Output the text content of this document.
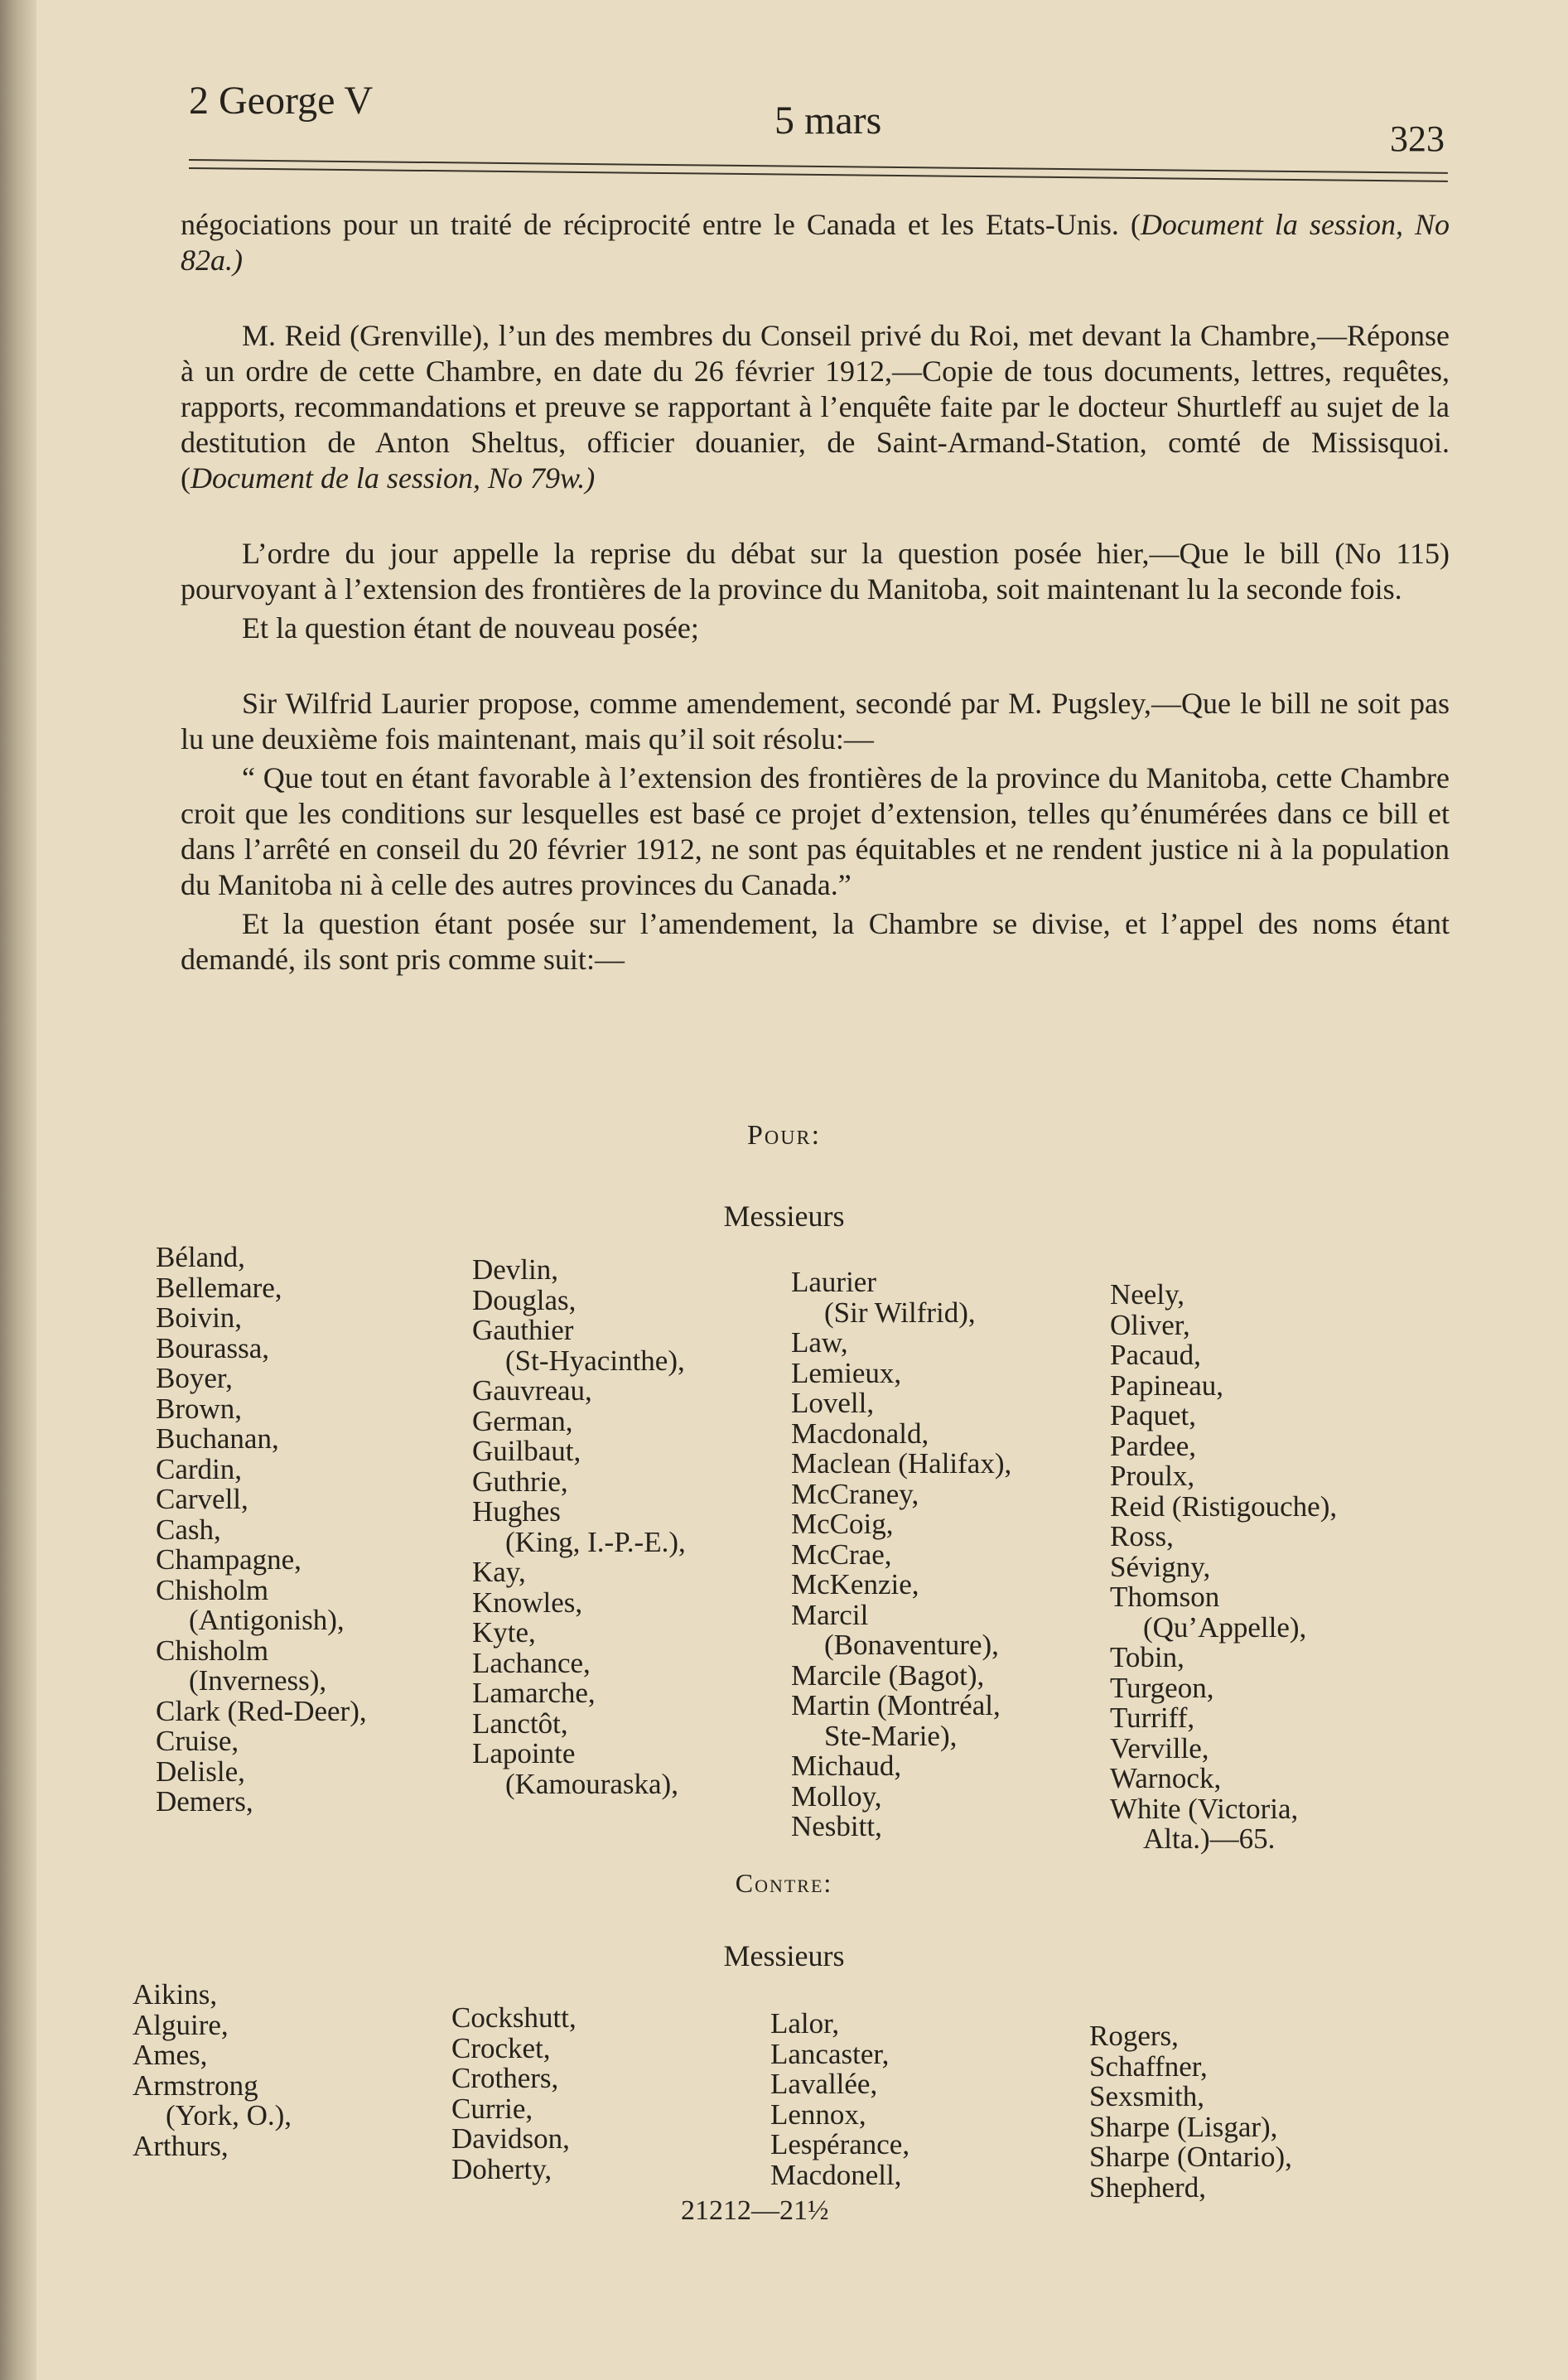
2 George V	5 mars	323

négociations pour un traité de réciprocité entre le Canada et les Etats-Unis. (Document la session, No 82a.)

M. Reid (Grenville), l’un des membres du Conseil privé du Roi, met devant la Chambre,—Réponse à un ordre de cette Chambre, en date du 26 février 1912,—Copie de tous documents, lettres, requêtes, rapports, recommandations et preuve se rapportant à l’enquête faite par le docteur Shurtleff au sujet de la destitution de Anton Sheltus, officier douanier, de Saint-Armand-Station, comté de Missisquoi. (Document de la session, No 79w.)

L’ordre du jour appelle la reprise du débat sur la question posée hier,—Que le bill (No 115) pourvoyant à l’extension des frontières de la province du Manitoba, soit maintenant lu la seconde fois.

Et la question étant de nouveau posée;

Sir Wilfrid Laurier propose, comme amendement, secondé par M. Pugsley,—Que le bill ne soit pas lu une deuxième fois maintenant, mais qu’il soit résolu:—

“ Que tout en étant favorable à l’extension des frontières de la province du Manitoba, cette Chambre croit que les conditions sur lesquelles est basé ce projet d’extension, telles qu’énumérées dans ce bill et dans l’arrêté en conseil du 20 février 1912, ne sont pas équitables et ne rendent justice ni à la population du Manitoba ni à celle des autres provinces du Canada.”

Et la question étant posée sur l’amendement, la Chambre se divise, et l’appel des noms étant demandé, ils sont pris comme suit:—

Pour:
Messieurs
Béland,
Bellemare,
Boivin,
Bourassa,
Boyer,
Brown,
Buchanan,
Cardin,
Carvell,
Cash,
Champagne,
Chisholm
(Antigonish),
Chisholm
(Inverness),
Clark (Red-Deer),
Cruise,
Delisle,
Demers,
Devlin,
Douglas,
Gauthier
(St-Hyacinthe),
Gauvreau,
German,
Guilbaut,
Guthrie,
Hughes
(King, I.-P.-E.),
Kay,
Knowles,
Kyte,
Lachance,
Lamarche,
Lanctôt,
Lapointe
(Kamouraska),
Laurier
(Sir Wilfrid),
Law,
Lemieux,
Lovell,
Macdonald,
Maclean (Halifax),
McCraney,
McCoig,
McCrae,
McKenzie,
Marcil
(Bonaventure),
Marcile (Bagot),
Martin (Montréal,
Ste-Marie),
Michaud,
Molloy,
Nesbitt,
Neely,
Oliver,
Pacaud,
Papineau,
Paquet,
Pardee,
Proulx,
Reid (Ristigouche),
Ross,
Sévigny,
Thomson
(Qu’Appelle),
Tobin,
Turgeon,
Turriff,
Verville,
Warnock,
White (Victoria,
Alta.)—65.
Contre:
Messieurs
Aikins,
Alguire,
Ames,
Armstrong
(York, O.),
Arthurs,
Cockshutt,
Crocket,
Crothers,
Currie,
Davidson,
Doherty,
Lalor,
Lancaster,
Lavallée,
Lennox,
Lespérance,
Macdonell,
Rogers,
Schaffner,
Sexsmith,
Sharpe (Lisgar),
Sharpe (Ontario),
Shepherd,
21212—21½
